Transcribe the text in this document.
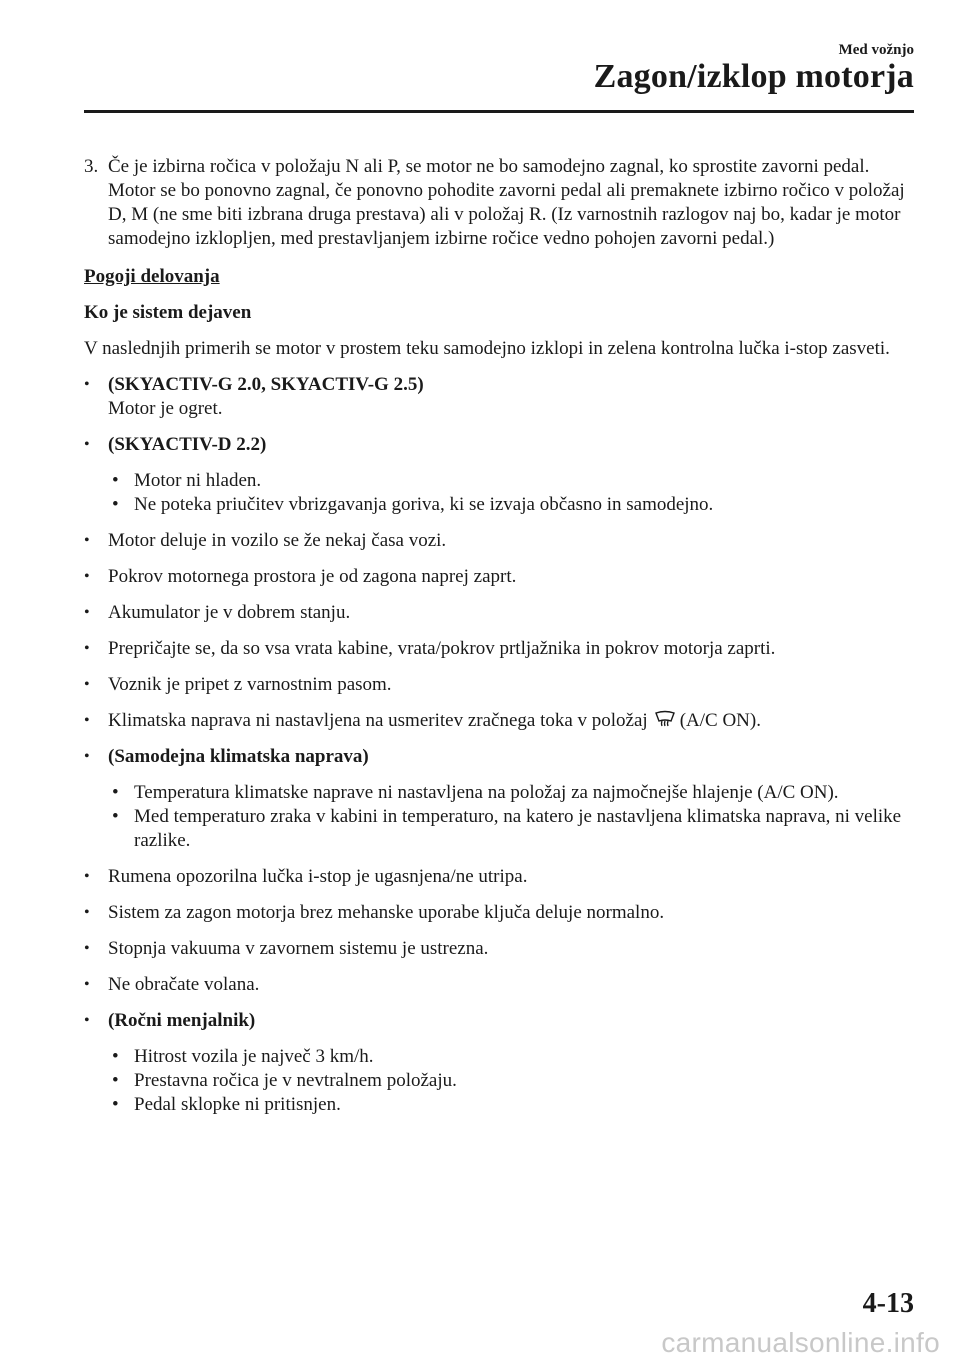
Med vožnjo
Zagon/izklop motorja
3. Če je izbirna ročica v položaju N ali P, se motor ne bo samodejno zagnal, ko sprostite zavorni pedal. Motor se bo ponovno zagnal, če ponovno pohodite zavorni pedal ali premaknete izbirno ročico v položaj D, M (ne sme biti izbrana druga prestava) ali v položaj R. (Iz varnostnih razlogov naj bo, kadar je motor samodejno izklopljen, med prestavljanjem izbirne ročice vedno pohojen zavorni pedal.)
Pogoji delovanja
Ko je sistem dejaven
V naslednjih primerih se motor v prostem teku samodejno izklopi in zelena kontrolna lučka i-stop zasveti.
• (SKYACTIV-G 2.0, SKYACTIV-G 2.5)
Motor je ogret.
• (SKYACTIV-D 2.2)
• Motor ni hladen.
• Ne poteka priučitev vbrizgavanja goriva, ki se izvaja občasno in samodejno.
• Motor deluje in vozilo se že nekaj časa vozi.
• Pokrov motornega prostora je od zagona naprej zaprt.
• Akumulator je v dobrem stanju.
• Prepričajte se, da so vsa vrata kabine, vrata/pokrov prtljažnika in pokrov motorja zaprti.
• Voznik je pripet z varnostnim pasom.
• Klimatska naprava ni nastavljena na usmeritev zračnega toka v položaj (A/C ON).
• (Samodejna klimatska naprava)
• Temperatura klimatske naprave ni nastavljena na položaj za najmočnejše hlajenje (A/C ON).
• Med temperaturo zraka v kabini in temperaturo, na katero je nastavljena klimatska naprava, ni velike razlike.
• Rumena opozorilna lučka i-stop je ugasnjena/ne utripa.
• Sistem za zagon motorja brez mehanske uporabe ključa deluje normalno.
• Stopnja vakuuma v zavornem sistemu je ustrezna.
• Ne obračate volana.
• (Ročni menjalnik)
• Hitrost vozila je največ 3 km/h.
• Prestavna ročica je v nevtralnem položaju.
• Pedal sklopke ni pritisnjen.
4-13
carmanualsonline.info
